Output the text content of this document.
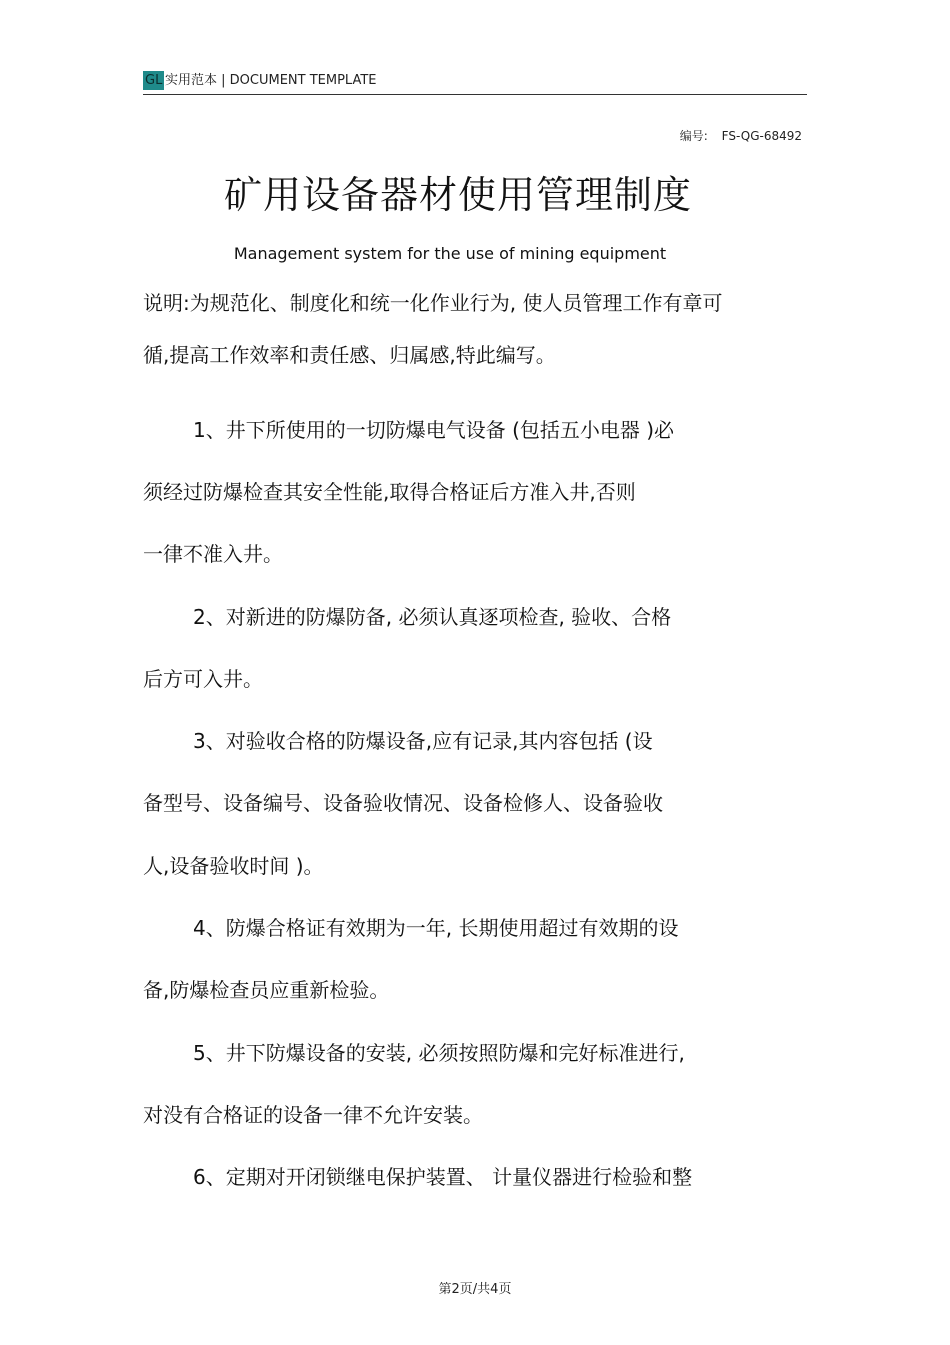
GL 实用范本 | DOCUMENT TEMPLATE
编号: FS-QG-68492
矿用设备器材使用管理制度
Management system for the use of mining equipment
说明:为规范化、制度化和统一化作业行为, 使人员管理工作有章可
循,提高工作效率和责任感、归属感,特此编写。
1、井下所使用的一切防爆电气设备 (包括五小电器 )必
须经过防爆检查其安全性能,取得合格证后方准入井,否则
一律不准入井。
2、对新进的防爆防备, 必须认真逐项检查, 验收、合格
后方可入井。
3、对验收合格的防爆设备,应有记录,其内容包括 (设
备型号、设备编号、设备验收情况、设备检修人、设备验收
人,设备验收时间 )。
4、防爆合格证有效期为一年, 长期使用超过有效期的设
备,防爆检查员应重新检验。
5、井下防爆设备的安装, 必须按照防爆和完好标准进行,
对没有合格证的设备一律不允许安装。
6、定期对开闭锁继电保护装置、 计量仪器进行检验和整
第2页/共4页
